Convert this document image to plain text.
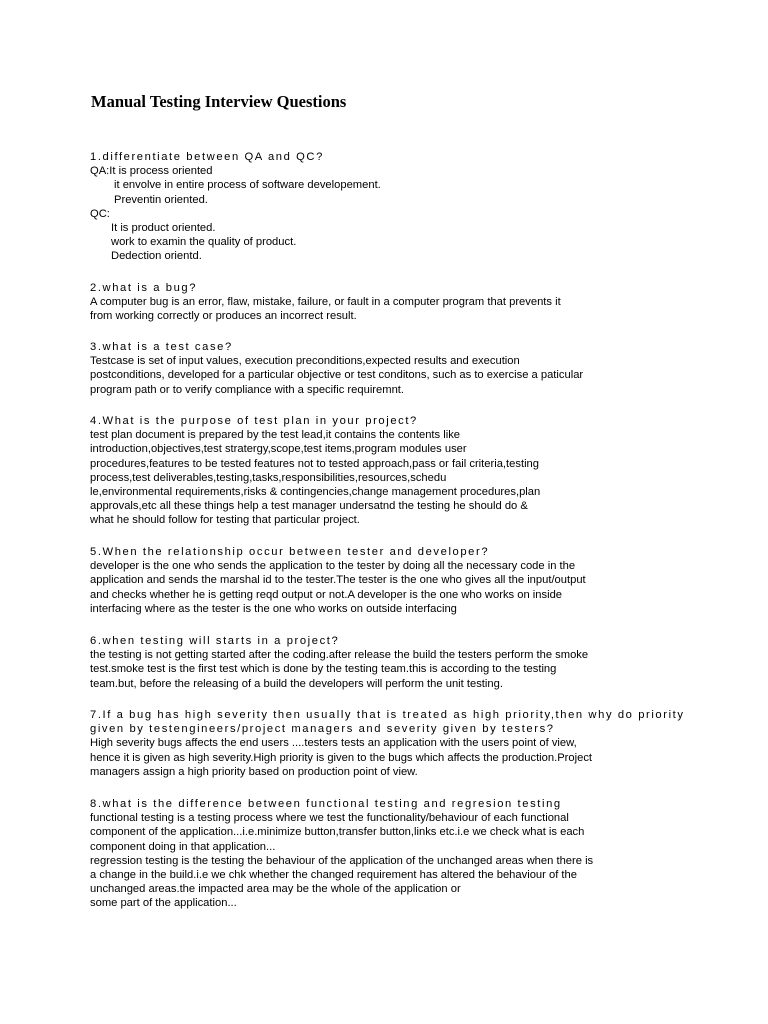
Manual Testing Interview Questions
1.differentiate between QA and QC?
QA:It is process oriented
it envolve in entire process of software developement.
Preventin oriented.
QC:
It is product oriented.
work to examin the quality of product.
Dedection orientd.
2.what is a bug?
A computer bug is an error, flaw, mistake, failure, or fault in a computer program that prevents it
from working correctly or produces an incorrect result.
3.what is a test case?
Testcase is set of input values, execution preconditions,expected results and execution
postconditions, developed for a particular objective or test conditons, such as to exercise a paticular
program path or to verify compliance with a specific requiremnt.
4.What is the purpose of test plan in your project?
test plan document is prepared by the test lead,it contains the contents like
introduction,objectives,test stratergy,scope,test items,program modules user
procedures,features to be tested features not to tested approach,pass or fail criteria,testing
process,test deliverables,testing,tasks,responsibilities,resources,schedu
le,environmental requirements,risks & contingencies,change management procedures,plan
approvals,etc all these things help a test manager undersatnd the testing he should do &
what he should follow for testing that particular project.
5.When the relationship occur between tester and developer?
developer is the one who sends the application to the tester by doing all the necessary code in the
application and sends the marshal id to the tester.The tester is the one who gives all the input/output
and checks whether he is getting reqd output or not.A developer is the one who works on inside
interfacing where as the tester is the one who works on outside interfacing
6.when testing will starts in a project?
the testing is not getting started after the coding.after release the build the testers perform the smoke
test.smoke test is the first test which is done by the testing team.this is according to the testing
team.but, before the releasing of a build the developers will perform the unit testing.
7.If a bug has high severity then usually that is treated as high priority,then why do priority
given by testengineers/project managers and severity given by testers?
High severity bugs affects the end users ....testers tests an application with the users point of view,
hence it is given as high severity.High priority is given to the bugs which affects the production.Project
managers assign a high priority based on production point of view.
8.what is the difference between functional testing and regresion testing
functional testing is a testing process where we test the functionality/behaviour of each functional
component of the application...i.e.minimize button,transfer button,links etc.i.e we check what is each
component doing in that application...
regression testing is the testing the behaviour of the application of the unchanged areas when there is
a change in the build.i.e we chk whether the changed requirement has altered the behaviour of the
unchanged areas.the impacted area may be the whole of the application or
some part of the application...
